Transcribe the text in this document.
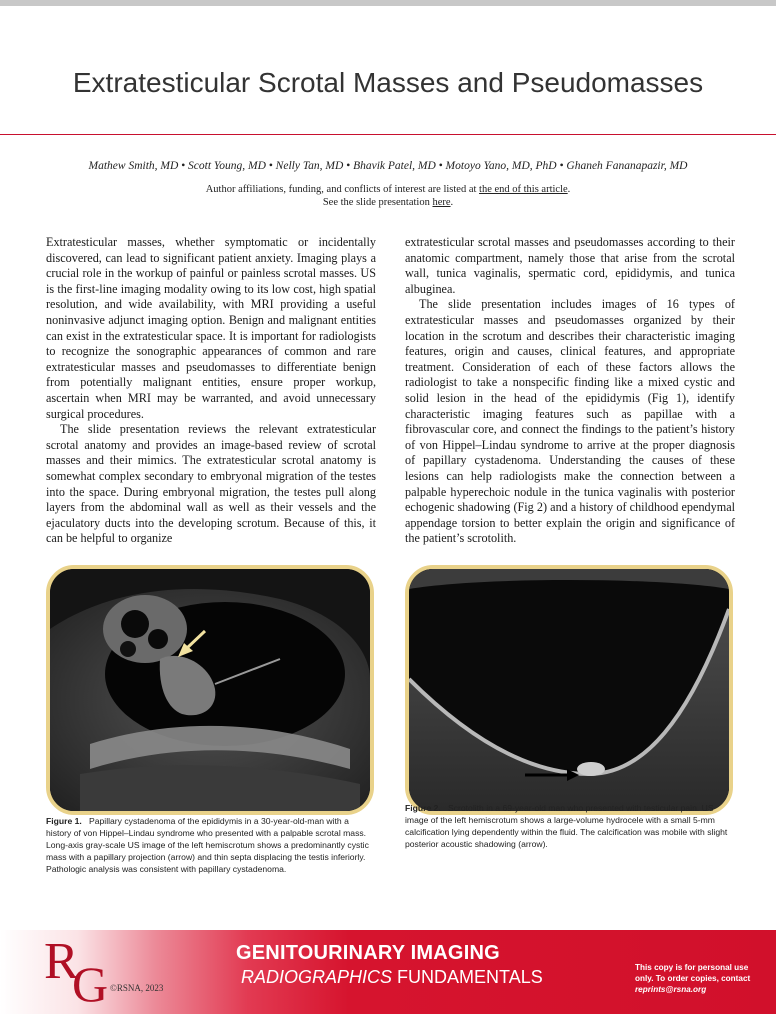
Extratesticular Scrotal Masses and Pseudomasses
Mathew Smith, MD • Scott Young, MD • Nelly Tan, MD • Bhavik Patel, MD • Motoyo Yano, MD, PhD • Ghaneh Fananapazir, MD
Author affiliations, funding, and conflicts of interest are listed at the end of this article.
See the slide presentation here.

Extratesticular masses, whether symptomatic or incidentally discovered, can lead to significant patient anxiety. Imaging plays a crucial role in the workup of painful or painless scrotal masses. US is the first-line imaging modality owing to its low cost, high spatial resolution, and wide availability, with MRI providing a useful noninvasive adjunct imaging option. Benign and malignant entities can exist in the extratesticular space. It is important for radiologists to recognize the sonographic appearances of common and rare extratesticular masses and pseudomasses to differentiate benign from potentially malignant entities, ensure proper workup, ascertain when MRI may be warranted, and avoid unnecessary surgical procedures.

The slide presentation reviews the relevant extratesticular scrotal anatomy and provides an image-based review of scrotal masses and their mimics. The extratesticular scrotal anatomy is somewhat complex secondary to embryonal migration of the testes into the space. During embryonal migration, the testes pull along layers from the abdominal wall as well as their vessels and the ejaculatory ducts into the developing scrotum. Because of this, it can be helpful to organize

extratesticular scrotal masses and pseudomasses according to their anatomic compartment, namely those that arise from the scrotal wall, tunica vaginalis, spermatic cord, epididymis, and tunica albuginea.

The slide presentation includes images of 16 types of extratesticular masses and pseudomasses organized by their location in the scrotum and describes their characteristic imaging features, origin and causes, clinical features, and appropriate treatment. Consideration of each of these factors allows the radiologist to take a nonspecific finding like a mixed cystic and solid lesion in the head of the epididymis (Fig 1), identify characteristic imaging features such as papillae with a fibrovascular core, and connect the findings to the patient’s history of von Hippel–Lindau syndrome to arrive at the proper diagnosis of papillary cystadenoma. Understanding the causes of these lesions can help radiologists make the connection between a palpable hyperechoic nodule in the tunica vaginalis with posterior echogenic shadowing (Fig 2) and a history of childhood ependymal appendage torsion to better explain the origin and significance of the patient’s scrotolith.

Figure 1. Papillary cystadenoma of the epididymis in a 30-year-old-man with a history of von Hippel–Lindau syndrome who presented with a palpable scrotal mass. Long-axis gray-scale US image of the left hemiscrotum shows a predominantly cystic mass with a papillary projection (arrow) and thin septa displacing the testis inferiorly. Pathologic analysis was consistent with papillary cystadenoma.
Figure 2. Scrotolith in a 69-year-old man who presented with testicular pain. US image of the left hemiscrotum shows a large-volume hydrocele with a small 5-mm calcification lying dependently within the fluid. The calcification was mobile with slight posterior acoustic shadowing (arrow).
R
G ©RSNA, 2023
GENITOURINARY IMAGING
RADIOGRAPHICS FUNDAMENTALS	This copy is for personal use only. To order copies, contact reprints@rsna.org
